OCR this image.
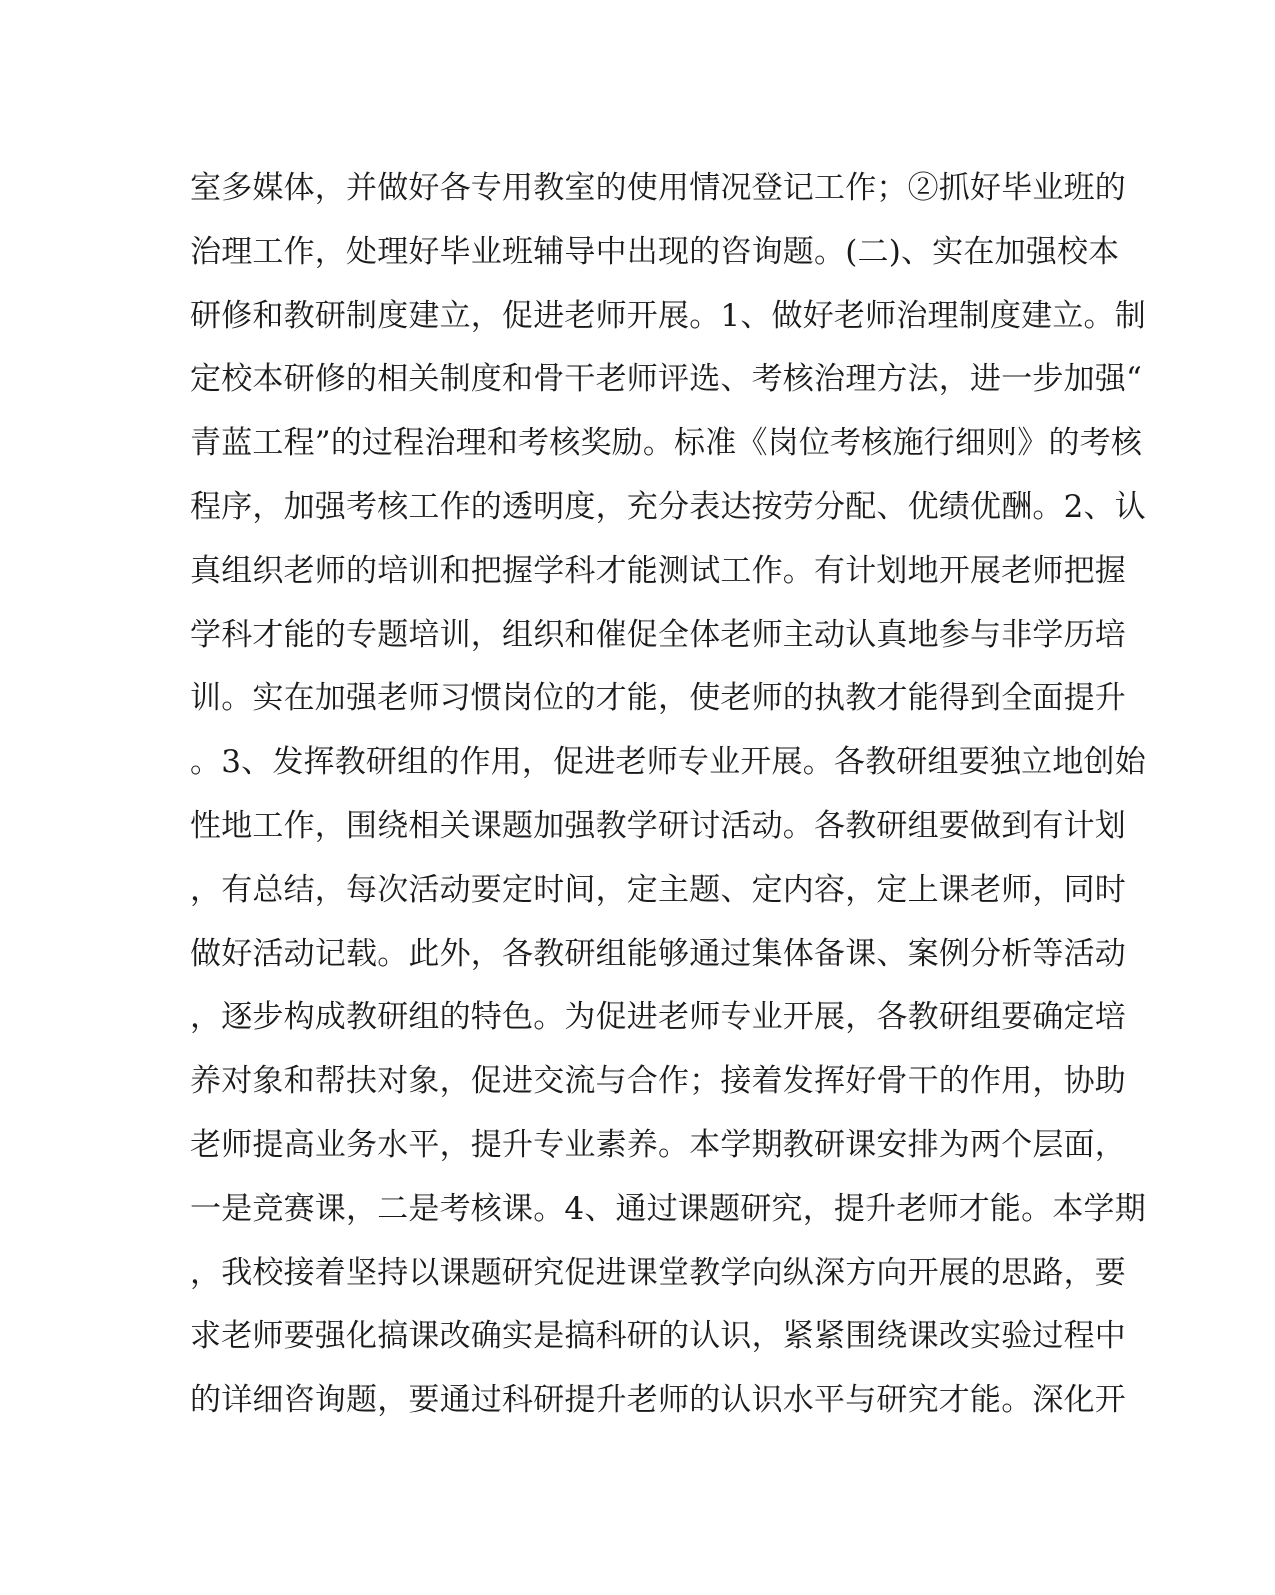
室多媒体，并做好各专用教室的使用情况登记工作；②抓好毕业班的
治理工作，处理好毕业班辅导中出现的咨询题。(二)、实在加强校本
研修和教研制度建立，促进老师开展。1、做好老师治理制度建立。制
定校本研修的相关制度和骨干老师评选、考核治理方法，进一步加强“
青蓝工程”的过程治理和考核奖励。标准《岗位考核施行细则》的考核
程序，加强考核工作的透明度，充分表达按劳分配、优绩优酬。2、认
真组织老师的培训和把握学科才能测试工作。有计划地开展老师把握
学科才能的专题培训，组织和催促全体老师主动认真地参与非学历培
训。实在加强老师习惯岗位的才能，使老师的执教才能得到全面提升
。3、发挥教研组的作用，促进老师专业开展。各教研组要独立地创始
性地工作，围绕相关课题加强教学研讨活动。各教研组要做到有计划
，有总结，每次活动要定时间，定主题、定内容，定上课老师，同时
做好活动记载。此外，各教研组能够通过集体备课、案例分析等活动
，逐步构成教研组的特色。为促进老师专业开展，各教研组要确定培
养对象和帮扶对象，促进交流与合作；接着发挥好骨干的作用，协助
老师提高业务水平，提升专业素养。本学期教研课安排为两个层面，
一是竞赛课，二是考核课。4、通过课题研究，提升老师才能。本学期
，我校接着坚持以课题研究促进课堂教学向纵深方向开展的思路，要
求老师要强化搞课改确实是搞科研的认识，紧紧围绕课改实验过程中
的详细咨询题，要通过科研提升老师的认识水平与研究才能。深化开
